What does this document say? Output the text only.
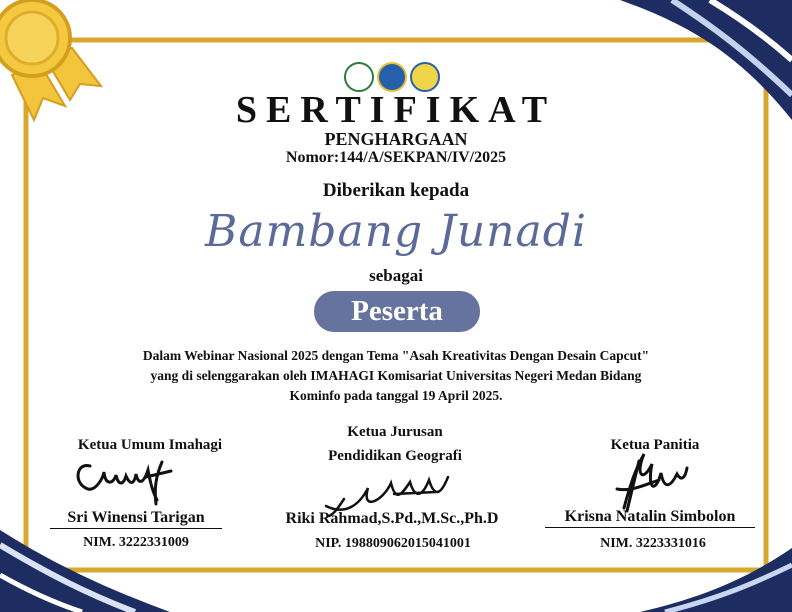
SERTIFIKAT
PENGHARGAAN
Nomor:144/A/SEKPAN/IV/2025
Diberikan kepada
Bambang Junadi
sebagai
Peserta
Dalam Webinar Nasional 2025 dengan Tema "Asah Kreativitas Dengan Desain Capcut"
yang di selenggarakan oleh IMAHAGI Komisariat Universitas Negeri Medan Bidang
Kominfo pada tanggal 19 April 2025.
Ketua Umum Imahagi
Sri Winensi Tarigan
NIM. 3222331009
Ketua Jurusan
Pendidikan Geografi
Riki Rahmad,S.Pd.,M.Sc.,Ph.D
NIP. 198809062015041001
Ketua Panitia
Krisna Natalin Simbolon
NIM. 3223331016
